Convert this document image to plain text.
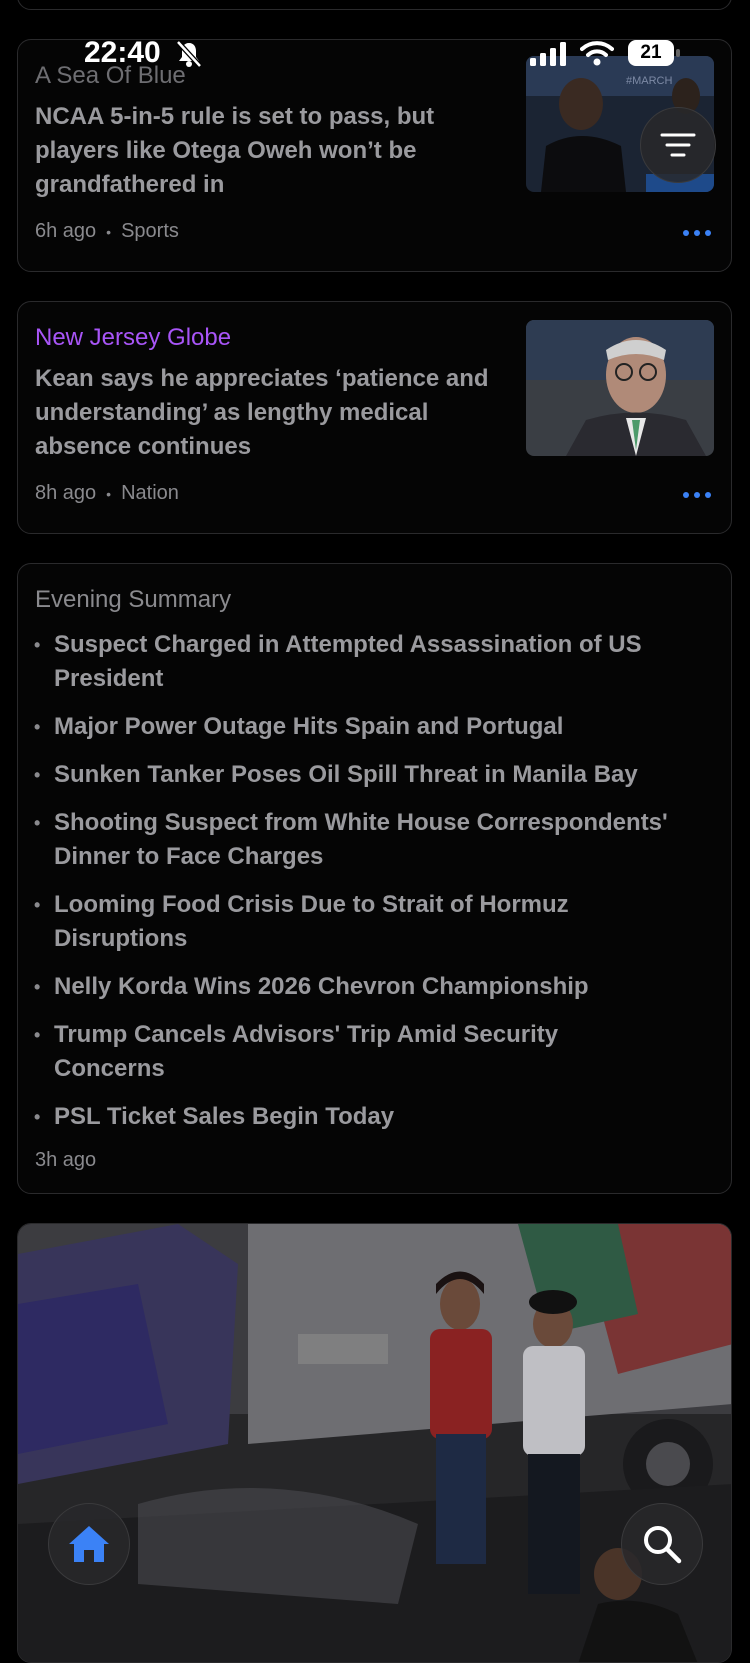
22:40	21

A Sea Of Blue

NCAA 5-in-5 rule is set to pass, but players like Otega Oweh won’t be grandfathered in

#MARCH
6h ago • Sports

New Jersey Globe

Kean says he appreciates ‘patience and understanding’ as lengthy medical absence continues

8h ago • Nation

Evening Summary

• Suspect Charged in Attempted Assassination of US President
• Major Power Outage Hits Spain and Portugal
• Sunken Tanker Poses Oil Spill Threat in Manila Bay
• Shooting Suspect from White House Correspondents' Dinner to Face Charges
• Looming Food Crisis Due to Strait of Hormuz Disruptions
• Nelly Korda Wins 2026 Chevron Championship
• Trump Cancels Advisors' Trip Amid Security Concerns
• PSL Ticket Sales Begin Today
3h ago
